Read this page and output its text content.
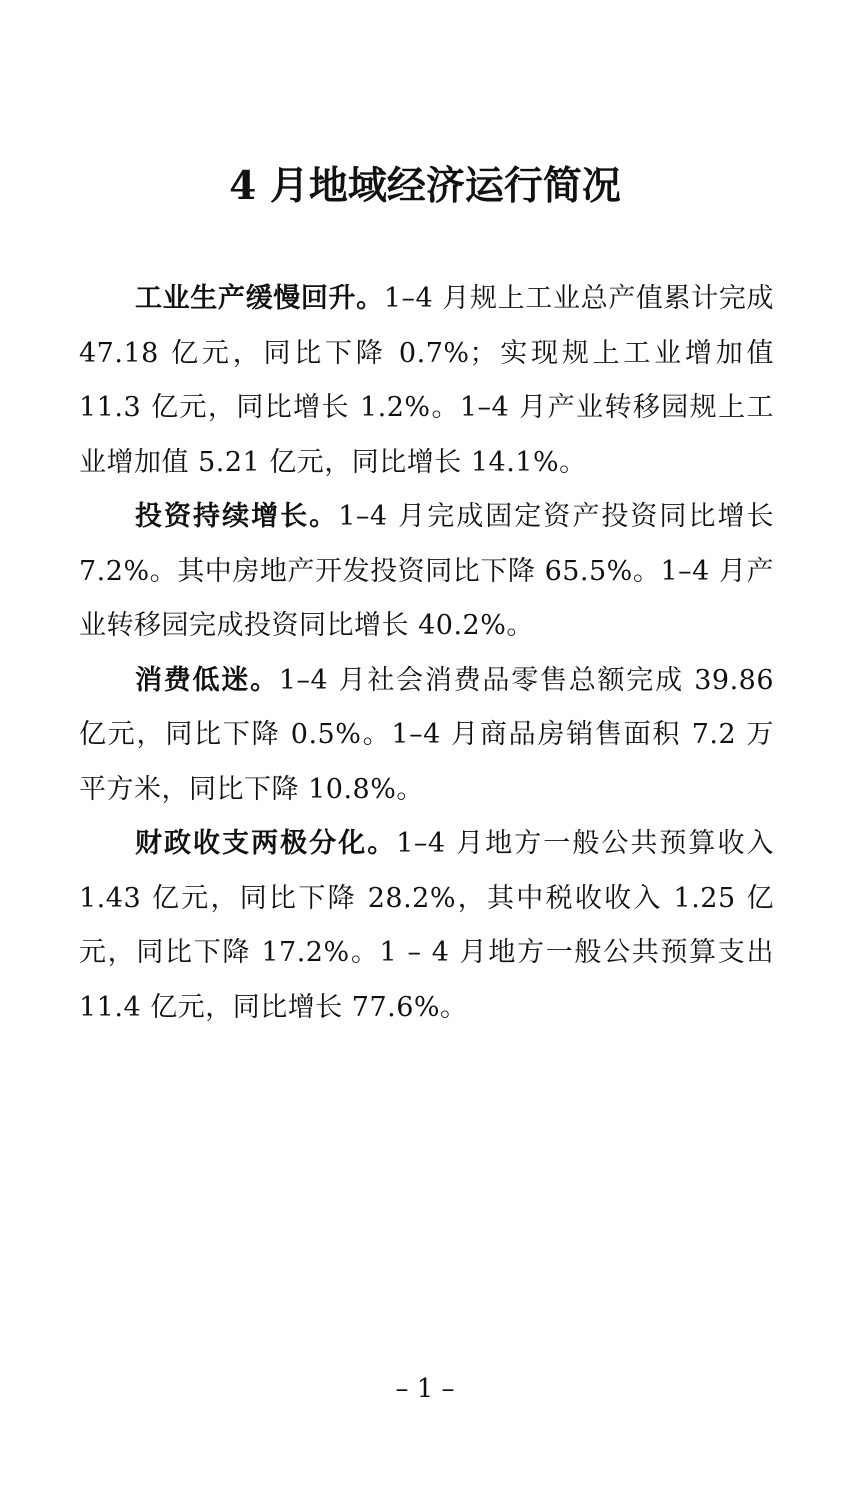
4 月地域经济运行简况

工业生产缓慢回升。1–4 月规上工业总产值累计完成 47.18 亿元，同比下降 0.7%；实现规上工业增加值 11.3 亿元，同比增长 1.2%。1–4 月产业转移园规上工业增加值 5.21 亿元，同比增长 14.1%。

投资持续增长。1–4 月完成固定资产投资同比增长 7.2%。其中房地产开发投资同比下降 65.5%。1–4 月产业转移园完成投资同比增长 40.2%。

消费低迷。1–4 月社会消费品零售总额完成 39.86 亿元，同比下降 0.5%。1–4 月商品房销售面积 7.2 万平方米，同比下降 10.8%。

财政收支两极分化。1–4 月地方一般公共预算收入 1.43 亿元，同比下降 28.2%，其中税收收入 1.25 亿元，同比下降 17.2%。1 – 4 月地方一般公共预算支出 11.4 亿元，同比增长 77.6%。

– 1 –
